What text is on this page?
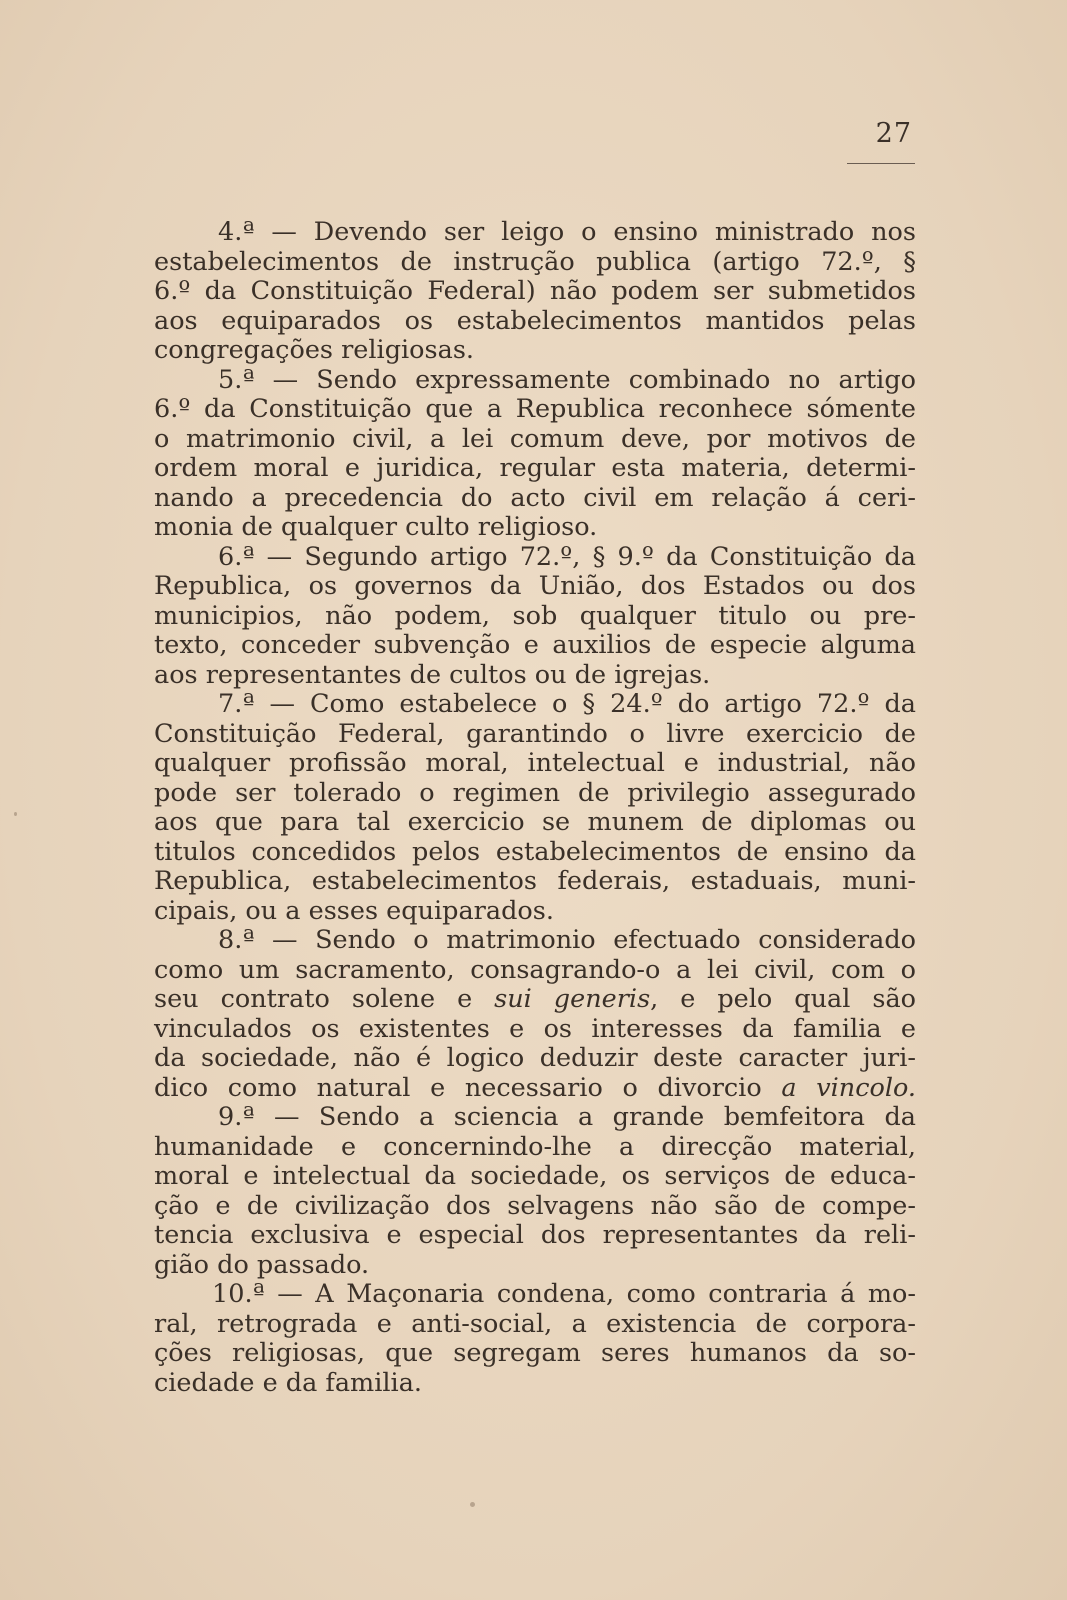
27
4.ª — Devendo ser leigo o ensino ministrado nos
estabelecimentos de instrução publica (artigo 72.º, §
6.º da Constituição Federal) não podem ser submetidos
aos equiparados os estabelecimentos mantidos pelas
congregações religiosas.
5.ª — Sendo expressamente combinado no artigo
6.º da Constituição que a Republica reconhece sómente
o matrimonio civil, a lei comum deve, por motivos de
ordem moral e juridica, regular esta materia, determi-
nando a precedencia do acto civil em relação á ceri-
monia de qualquer culto religioso.
6.ª — Segundo artigo 72.º, § 9.º da Constituição da
Republica, os governos da União, dos Estados ou dos
municipios, não podem, sob qualquer titulo ou pre-
texto, conceder subvenção e auxilios de especie alguma
aos representantes de cultos ou de igrejas.
7.ª — Como estabelece o § 24.º do artigo 72.º da
Constituição Federal, garantindo o livre exercicio de
qualquer profissão moral, intelectual e industrial, não
pode ser tolerado o regimen de privilegio assegurado
aos que para tal exercicio se munem de diplomas ou
titulos concedidos pelos estabelecimentos de ensino da
Republica, estabelecimentos federais, estaduais, muni-
cipais, ou a esses equiparados.
8.ª — Sendo o matrimonio efectuado considerado
como um sacramento, consagrando-o a lei civil, com o
seu contrato solene e sui generis, e pelo qual são
vinculados os existentes e os interesses da familia e
da sociedade, não é logico deduzir deste caracter juri-
dico como natural e necessario o divorcio a vincolo.
9.ª — Sendo a sciencia a grande bemfeitora da
humanidade e concernindo-lhe a direcção material,
moral e intelectual da sociedade, os serviços de educa-
ção e de civilização dos selvagens não são de compe-
tencia exclusiva e especial dos representantes da reli-
gião do passado.
10.ª — A Maçonaria condena, como contraria á mo-
ral, retrograda e anti-social, a existencia de corpora-
ções religiosas, que segregam seres humanos da so-
ciedade e da familia.
